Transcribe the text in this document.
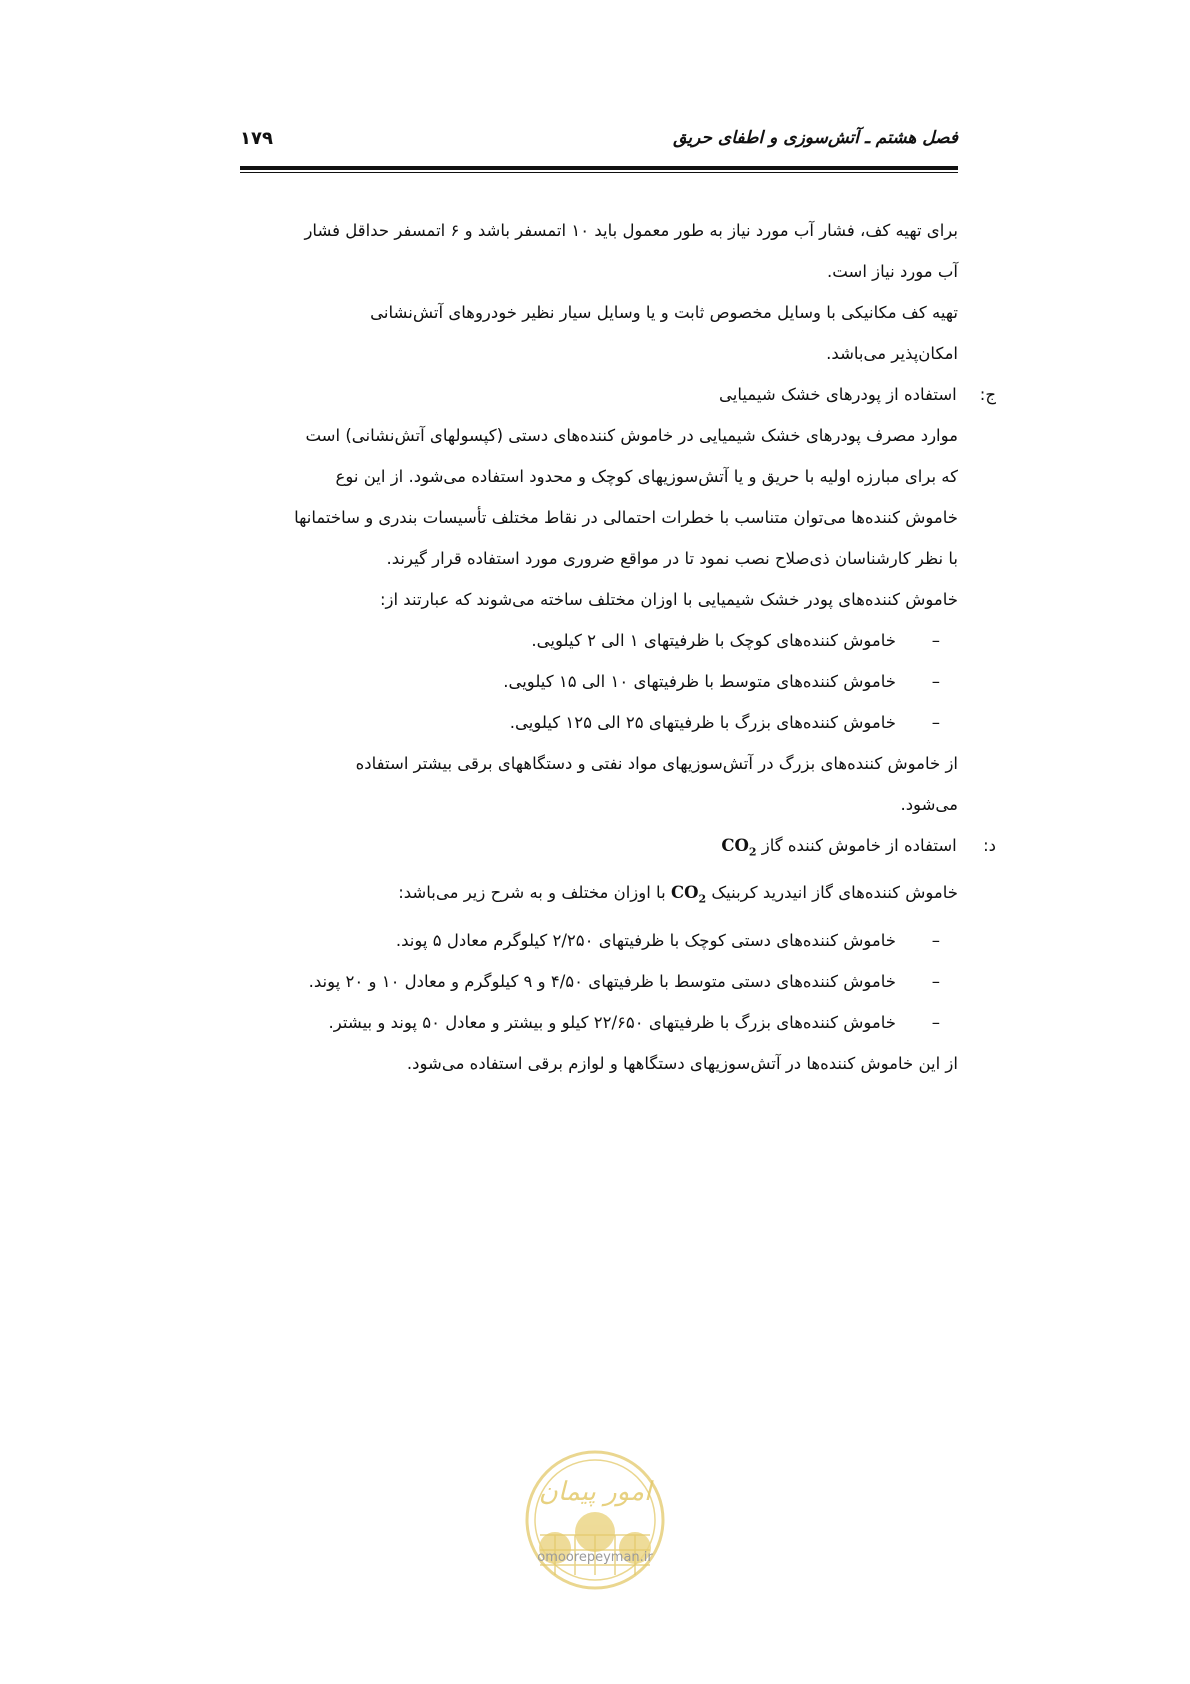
فصل هشتم ـ آتش‌سوزی و اطفای حریق
۱۷۹

برای تهیه کف، فشار آب مورد نیاز به طور معمول باید ۱۰ اتمسفر باشد و ۶ اتمسفر حداقل فشار

آب مورد نیاز است.

تهیه کف مکانیکی با وسایل مخصوص ثابت و یا وسایل سیار نظیر خودروهای آتش‌نشانی

امکان‌پذیر می‌باشد.

ج: استفاده از پودرهای خشک شیمیایی

موارد مصرف پودرهای خشک شیمیایی در خاموش کننده‌های دستی (کپسولهای آتش‌نشانی) است

که برای مبارزه اولیه با حریق و یا آتش‌سوزیهای کوچک و محدود استفاده می‌شود. از این نوع

خاموش کننده‌ها می‌توان متناسب با خطرات احتمالی در نقاط مختلف تأسیسات بندری و ساختمانها

با نظر کارشناسان ذی‌صلاح نصب نمود تا در مواقع ضروری مورد استفاده قرار گیرند.

خاموش کننده‌های پودر خشک شیمیایی با اوزان مختلف ساخته می‌شوند که عبارتند از:

–خاموش کننده‌های کوچک با ظرفیتهای ۱ الی ۲ کیلویی.

–خاموش کننده‌های متوسط با ظرفیتهای ۱۰ الی ۱۵ کیلویی.

–خاموش کننده‌های بزرگ با ظرفیتهای ۲۵ الی ۱۲۵ کیلویی.

از خاموش کننده‌های بزرگ در آتش‌سوزیهای مواد نفتی و دستگاههای برقی بیشتر استفاده

می‌شود.

د: استفاده از خاموش کننده گاز $CO_2$

خاموش کننده‌های گاز انیدرید کربنیک $CO_2$ با اوزان مختلف و به شرح زیر می‌باشد:

–خاموش کننده‌های دستی کوچک با ظرفیتهای ۲/۲۵۰ کیلوگرم معادل ۵ پوند.

–خاموش کننده‌های دستی متوسط با ظرفیتهای ۴/۵۰ و ۹ کیلوگرم و معادل ۱۰ و ۲۰ پوند.

–خاموش کننده‌های بزرگ با ظرفیتهای ۲۲/۶۵۰ کیلو و بیشتر و معادل ۵۰ پوند و بیشتر.

از این خاموش کننده‌ها در آتش‌سوزیهای دستگاهها و لوازم برقی استفاده می‌شود.

امور پیمان
omoorepeyman.ir
